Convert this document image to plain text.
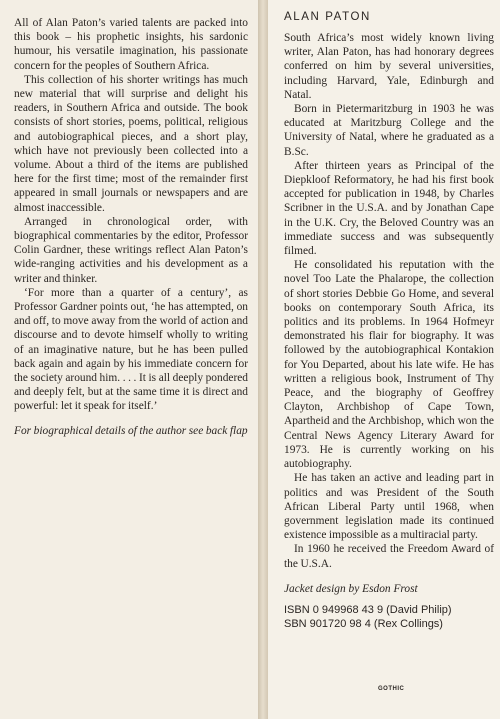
All of Alan Paton’s varied talents are packed into this book – his prophetic insights, his sardonic humour, his versatile imagination, his passionate concern for the peoples of Southern Africa.

This collection of his shorter writings has much new material that will surprise and delight his readers, in Southern Africa and outside. The book consists of short stories, poems, political, religious and autobiographical pieces, and a short play, which have not previously been collected into a volume. About a third of the items are published here for the first time; most of the remainder first appeared in small journals or newspapers and are almost inaccessible.

Arranged in chronological order, with biographical commentaries by the editor, Professor Colin Gardner, these writings reflect Alan Paton’s wide-ranging activities and his development as a writer and thinker.

‘For more than a quarter of a century’, as Professor Gardner points out, ‘he has attempted, on and off, to move away from the world of action and discourse and to devote himself wholly to writing of an imaginative nature, but he has been pulled back again and again by his immediate concern for the society around him. . . . It is all deeply pondered and deeply felt, but at the same time it is direct and powerful: let it speak for itself.’

For biographical details of the author see back flap

ALAN PATON

South Africa’s most widely known living writer, Alan Paton, has had honorary degrees conferred on him by several universities, including Harvard, Yale, Edinburgh and Natal.

Born in Pietermaritzburg in 1903 he was educated at Maritzburg College and the University of Natal, where he graduated as a B.Sc.

After thirteen years as Principal of the Diepkloof Reformatory, he had his first book accepted for publication in 1948, by Charles Scribner in the U.S.A. and by Jonathan Cape in the U.K. Cry, the Beloved Country was an immediate success and was subsequently filmed.

He consolidated his reputation with the novel Too Late the Phalarope, the collection of short stories Debbie Go Home, and several books on contemporary South Africa, its politics and its problems. In 1964 Hofmeyr demonstrated his flair for biography. It was followed by the autobiographical Kontakion for You Departed, about his late wife. He has written a religious book, Instrument of Thy Peace, and the biography of Geoffrey Clayton, Archbishop of Cape Town, Apartheid and the Archbishop, which won the Central News Agency Literary Award for 1973. He is currently working on his autobiography.

He has taken an active and leading part in politics and was President of the South African Liberal Party until 1968, when government legislation made its continued existence impossible as a multiracial party.

In 1960 he received the Freedom Award of the U.S.A.

Jacket design by Esdon Frost

ISBN 0 949968 43 9 (David Philip)

SBN 901720 98 4 (Rex Collings)

GOTHIC
